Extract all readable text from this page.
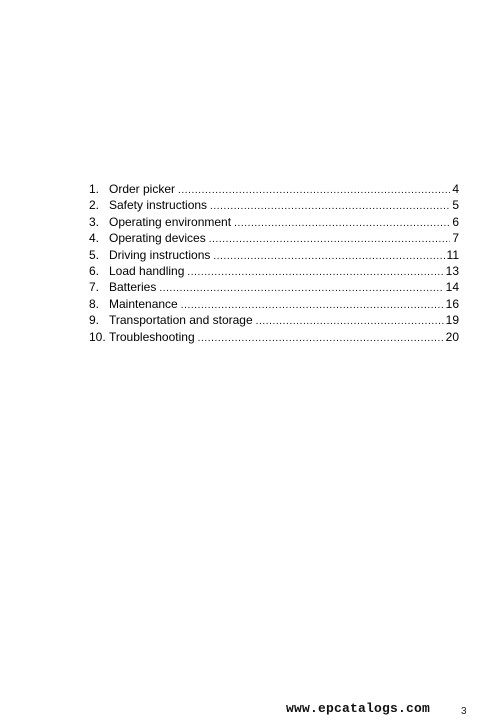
1. Order picker .....	4
2. Safety instructions .....	5
3. Operating environment .....	6
4. Operating devices .....	7
5. Driving instructions .....	11
6. Load handling .....	13
7. Batteries .....	14
8. Maintenance .....	16
9. Transportation and storage .....	19
10. Troubleshooting .....	20
www.epcatalogs.com	3
